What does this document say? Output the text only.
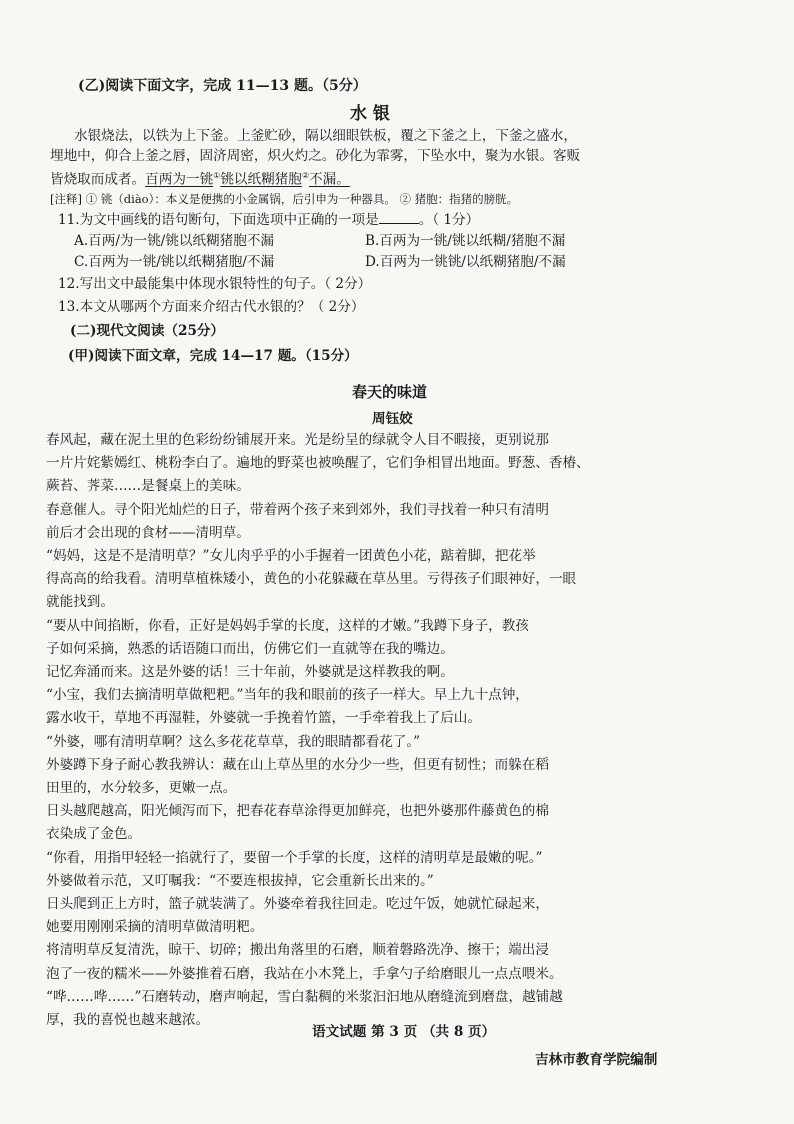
(乙)阅读下面文字，完成 11—13 题。（5分）
水 银
水银烧法，以铁为上下釜。上釜贮砂，隔以细眼铁板，覆之下釜之上，下釜之盛水，
埋地中，仰合上釜之唇，固济周密，炽火灼之。砂化为霏雾，下坠水中，聚为水银。客贩
皆烧取而成者。百两为一铫①铫以纸糊猪胞②不漏。
[注释] ① 铫（diào）：本义是便携的小金属锅，后引申为一种器具。 ② 猪胞：指猪的膀胱。
11.为文中画线的语句断句，下面选项中正确的一项是	。（ 1分）
A.百两/为一铫/铫以纸糊猪胞不漏	B.百两为一铫/铫以纸糊/猪胞不漏
C.百两为一铫/铫以纸糊猪胞/不漏	D.百两为一铫铫/以纸糊猪胞/不漏
12.写出文中最能集中体现水银特性的句子。（ 2分）
13.本文从哪两个方面来介绍古代水银的？（ 2分）
(二)现代文阅读（25分）
(甲)阅读下面文章，完成 14—17 题。（15分）
春天的味道
周钰姣
春风起，藏在泥土里的色彩纷纷铺展开来。光是纷呈的绿就令人目不暇接，更别说那
一片片姹紫嫣红、桃粉李白了。遍地的野菜也被唤醒了，它们争相冒出地面。野葱、香椿、
蕨苔、荠菜……是餐桌上的美味。
春意催人。寻个阳光灿烂的日子，带着两个孩子来到郊外，我们寻找着一种只有清明
前后才会出现的食材——清明草。
“妈妈，这是不是清明草？”女儿肉乎乎的小手握着一团黄色小花，踮着脚，把花举
得高高的给我看。清明草植株矮小，黄色的小花躲藏在草丛里。亏得孩子们眼神好，一眼
就能找到。
“要从中间掐断，你看，正好是妈妈手掌的长度，这样的才嫩。”我蹲下身子，教孩
子如何采摘，熟悉的话语随口而出，仿佛它们一直就等在我的嘴边。
记忆奔涌而来。这是外婆的话！三十年前，外婆就是这样教我的啊。
“小宝，我们去摘清明草做粑粑。”当年的我和眼前的孩子一样大。早上九十点钟，
露水收干，草地不再湿鞋，外婆就一手挽着竹篮，一手牵着我上了后山。
“外婆，哪有清明草啊？这么多花花草草，我的眼睛都看花了。”
外婆蹲下身子耐心教我辨认：藏在山上草丛里的水分少一些，但更有韧性；而躲在稻
田里的，水分较多，更嫩一点。
日头越爬越高，阳光倾泻而下，把春花春草涂得更加鲜亮，也把外婆那件藤黄色的棉
衣染成了金色。
“你看，用指甲轻轻一掐就行了，要留一个手掌的长度，这样的清明草是最嫩的呢。”
外婆做着示范，又叮嘱我：“不要连根拔掉，它会重新长出来的。”
日头爬到正上方时，篮子就装满了。外婆牵着我往回走。吃过午饭，她就忙碌起来，
她要用刚刚采摘的清明草做清明粑。
将清明草反复清洗，晾干、切碎；搬出角落里的石磨，顺着磐路洗净、擦干；端出浸
泡了一夜的糯米——外婆推着石磨，我站在小木凳上，手拿勺子给磨眼儿一点点喂米。
“哗……哗……”石磨转动，磨声响起，雪白黏稠的米浆汩汩地从磨缝流到磨盘，越铺越
厚，我的喜悦也越来越浓。
语文试题 第 3 页 （共 8 页）
吉林市教育学院编制
